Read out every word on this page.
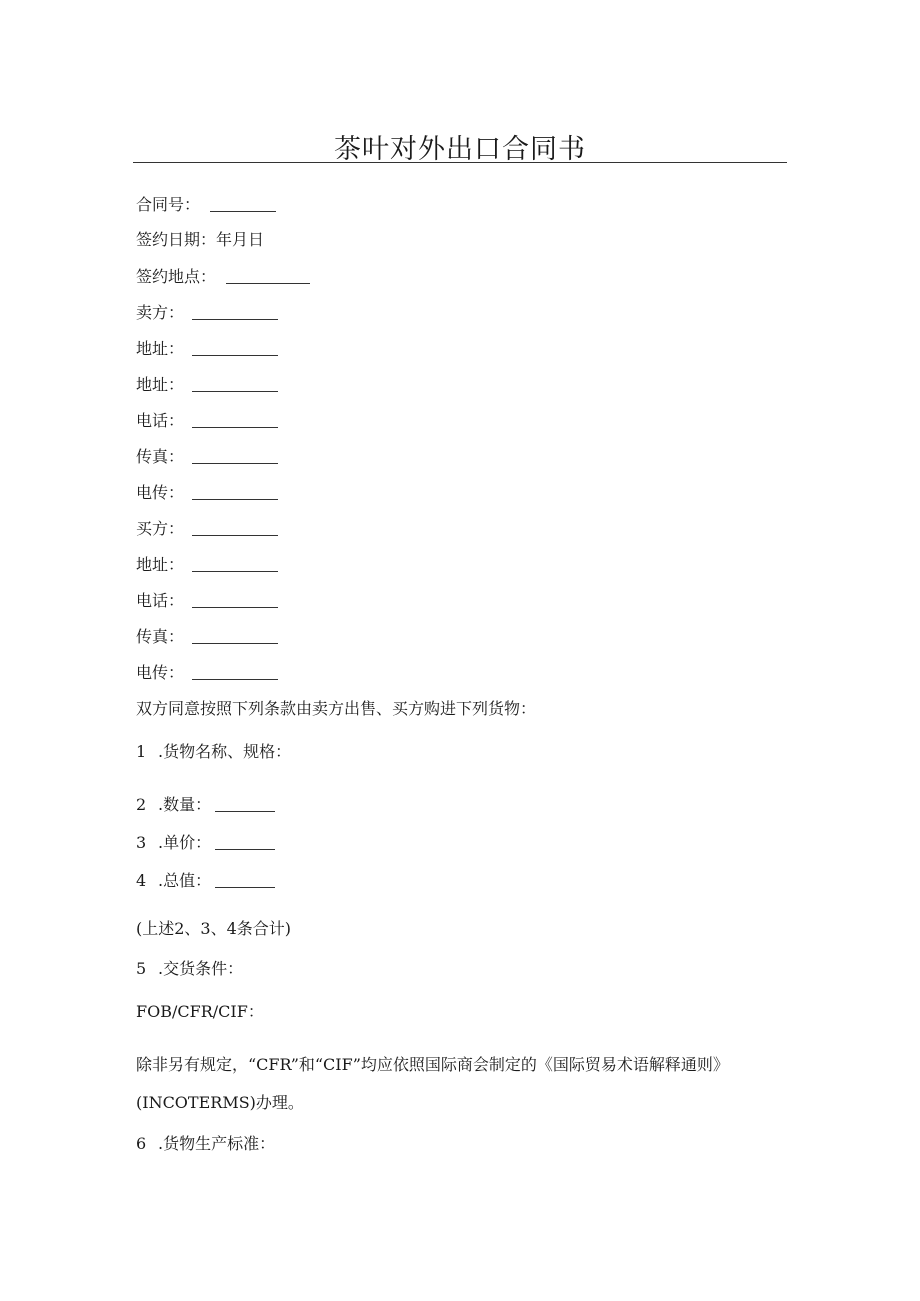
茶叶对外出口合同书
合同号：
签约日期：年月日
签约地点：
卖方：
地址：
地址：
电话：
传真：
电传：
买方：
地址：
电话：
传真：
电传：
双方同意按照下列条款由卖方出售、买方购进下列货物：
1 .货物名称、规格：
2 .数量：
3 .单价：
4 .总值：
(上述2、3、4条合计)
5 .交货条件：
FOB/CFR/CIF：
除非另有规定，“CFR”和“CIF”均应依照国际商会制定的《国际贸易术语解释通则》
(INCOTERMS)办理。
6 .货物生产标准：
